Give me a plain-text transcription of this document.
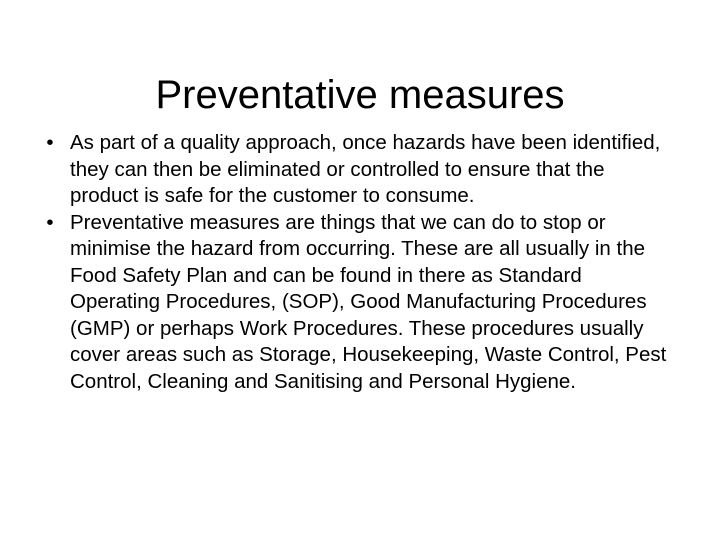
Preventative measures
• As part of a quality approach, once hazards have been identified, they can then be eliminated or controlled to ensure that the product is safe for the customer to consume.
• Preventative measures are things that we can do to stop or minimise the hazard from occurring. These are all usually in the Food Safety Plan and can be found in there as Standard Operating Procedures, (SOP), Good Manufacturing Procedures (GMP) or perhaps Work Procedures. These procedures usually cover areas such as Storage, Housekeeping, Waste Control, Pest Control, Cleaning and Sanitising and Personal Hygiene.
